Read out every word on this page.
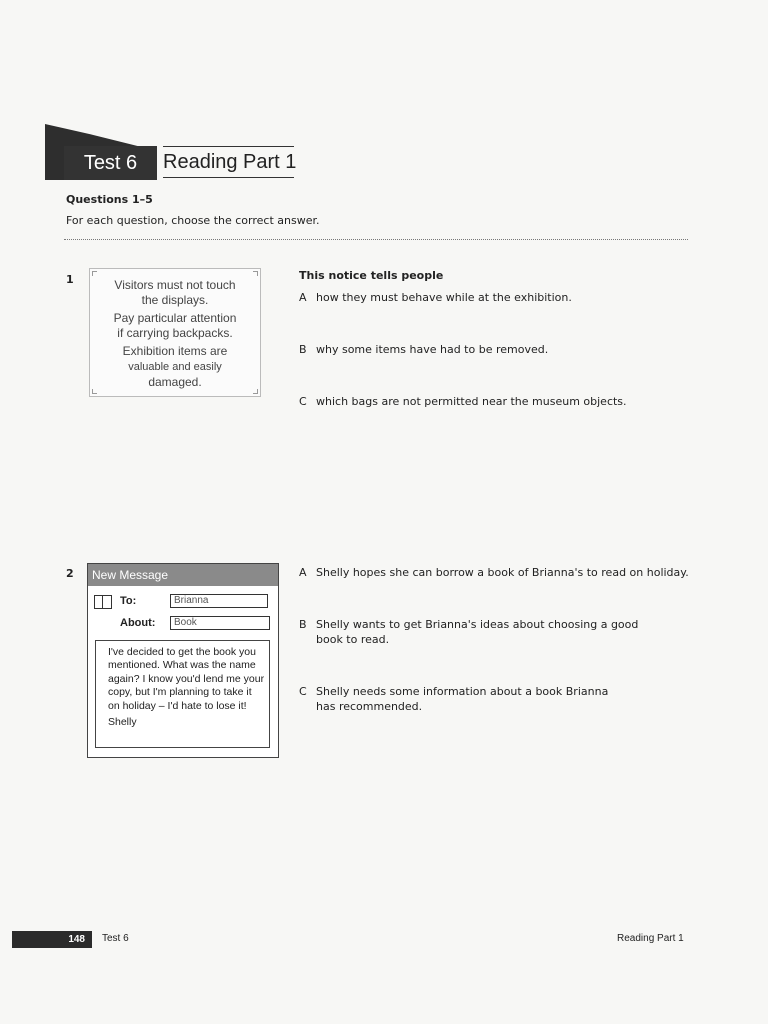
Test 6	Reading Part 1
Questions 1–5
For each question, choose the correct answer.
1	Visitors must not touch
the displays.
Pay particular attention
if carrying backpacks.
Exhibition items are
valuable and easily
damaged.
This notice tells people
A how they must behave while at the exhibition.
B why some items have had to be removed.
C which bags are not permitted near the museum objects.
2	New Message
To:	Brianna
About:	Book

I've decided to get the book you mentioned. What was the name again? I know you'd lend me your copy, but I'm planning to take it on holiday – I'd hate to lose it!

Shelly

A Shelly hopes she can borrow a book of Brianna's to read on holiday.
B Shelly wants to get Brianna's ideas about choosing a good book to read.
C Shelly needs some information about a book Brianna has recommended.
148	Test 6	Reading Part 1
